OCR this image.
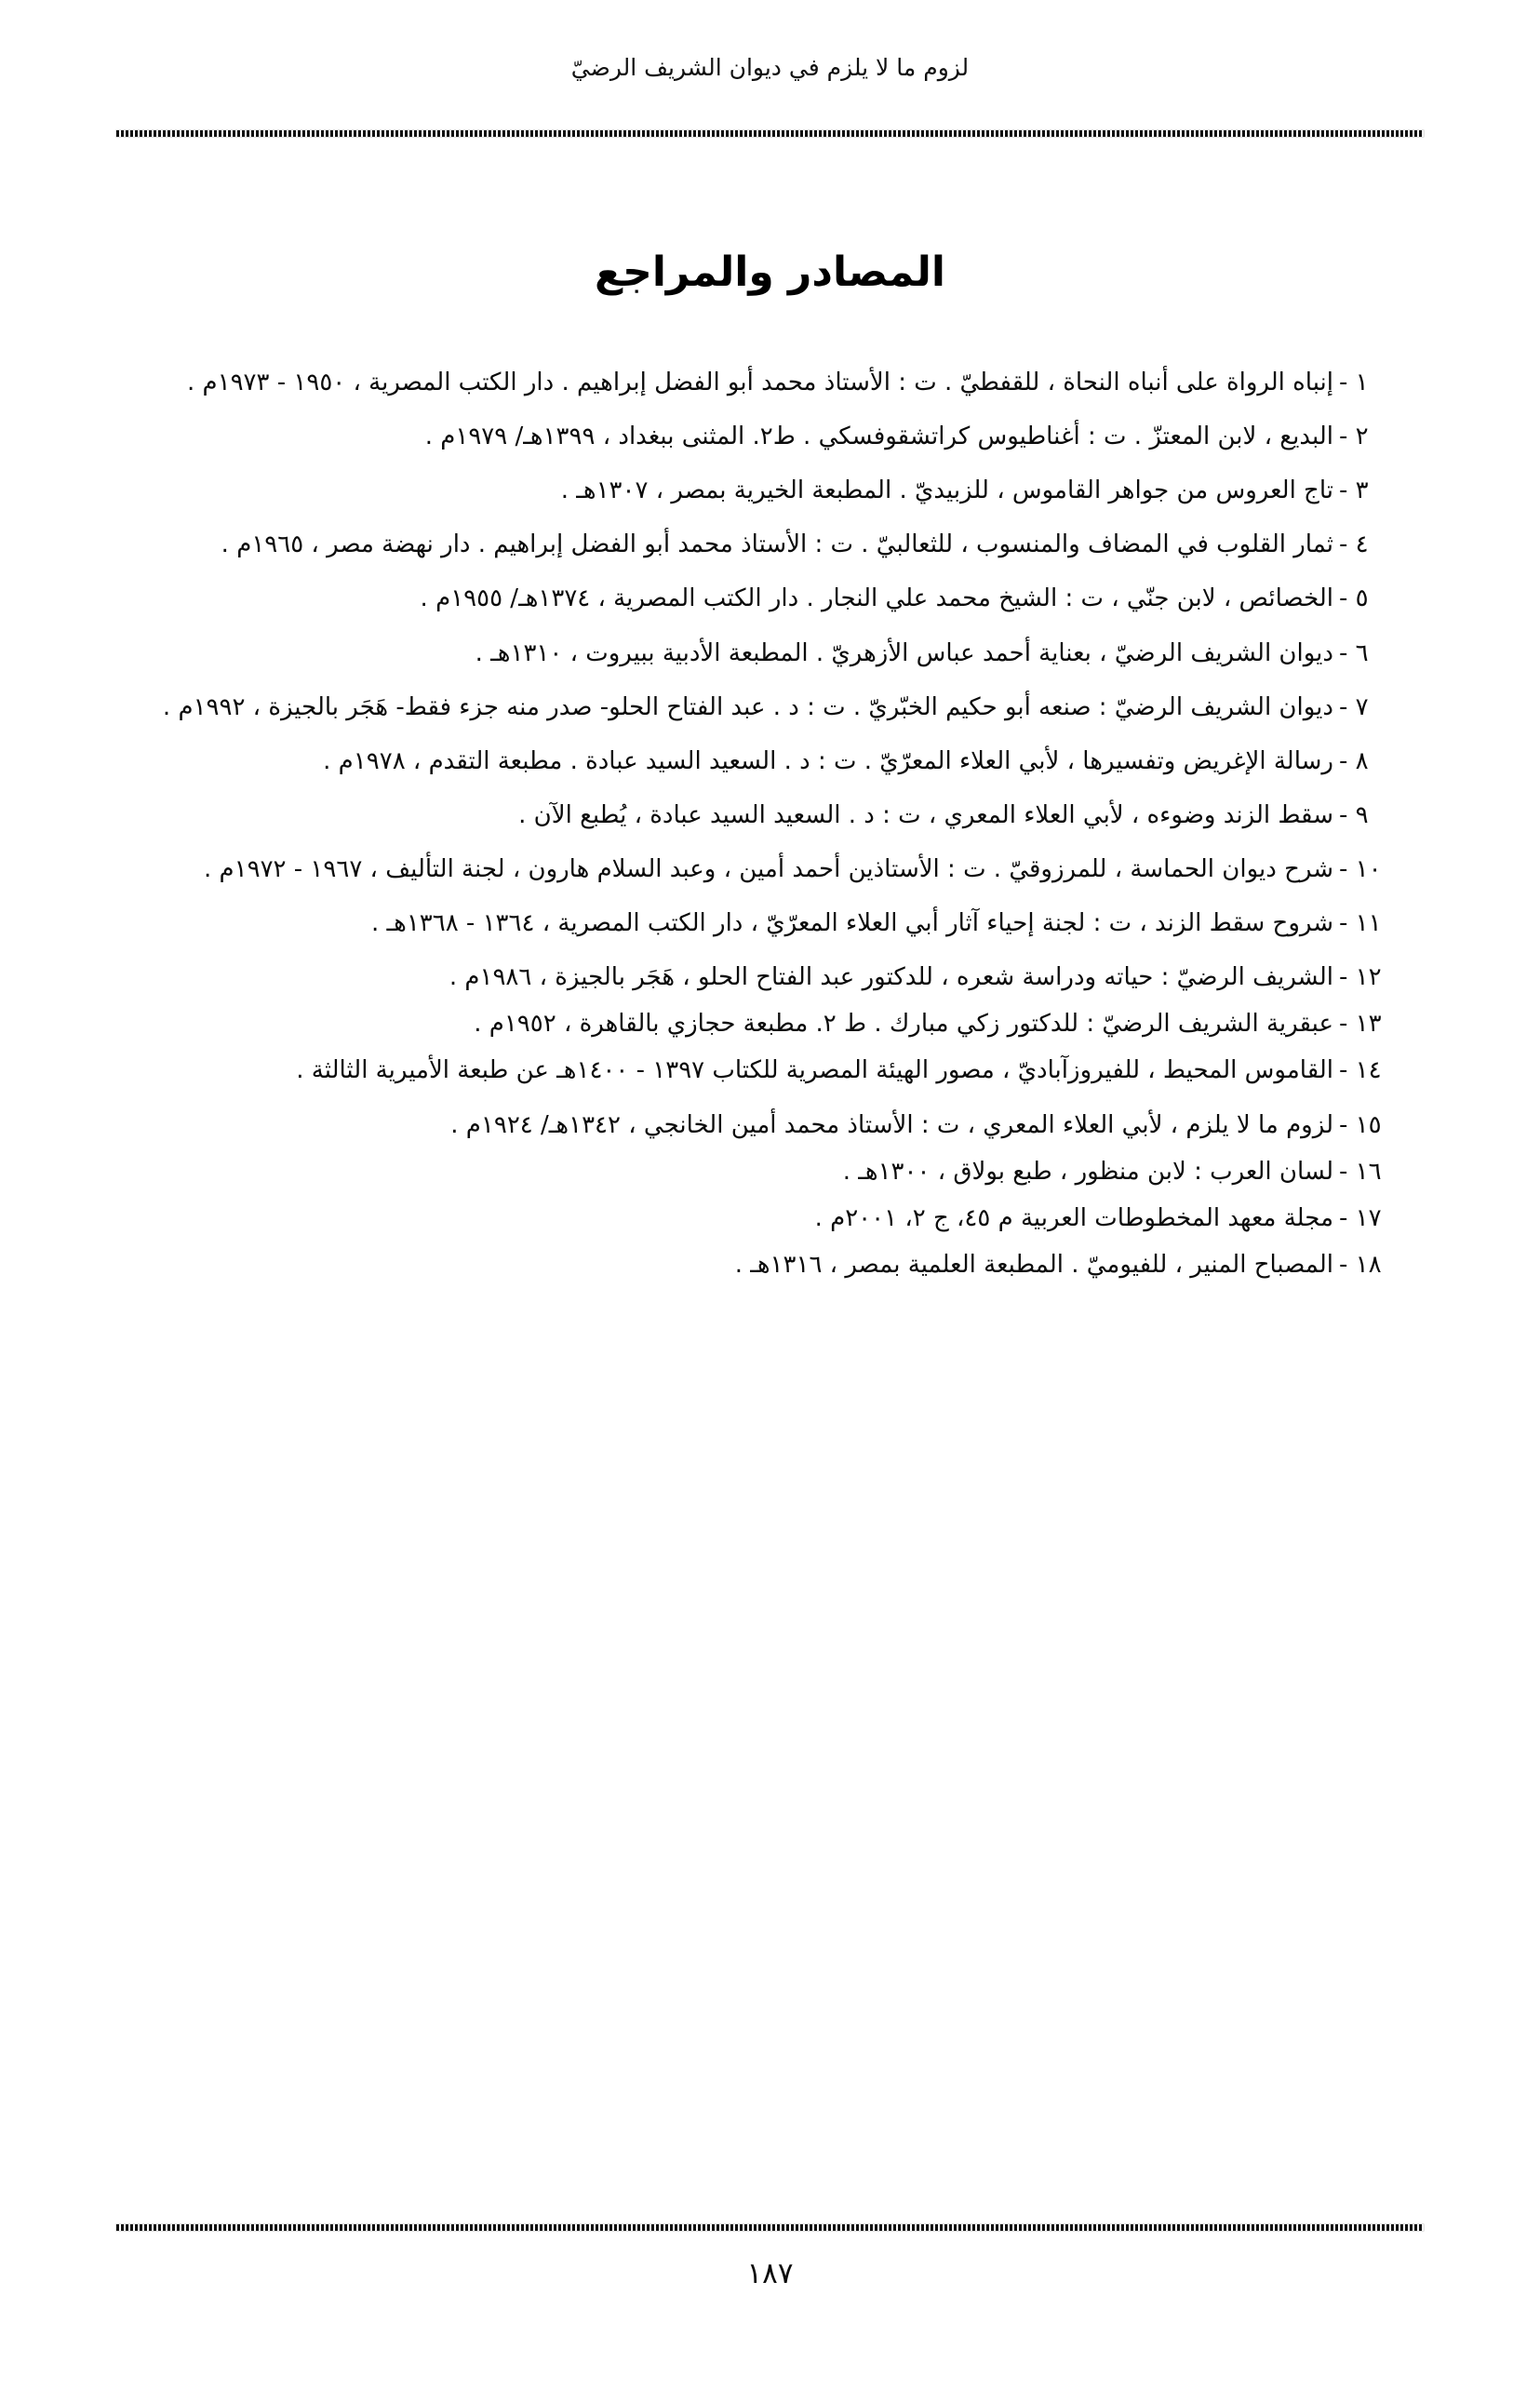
لزوم ما لا يلزم في ديوان الشريف الرضيّ
المصادر والمراجع
١ -
إنباه الرواة على أنباه النحاة ، للقفطيّ . ت : الأستاذ محمد أبو الفضل إبراهيم . دار الكتب المصرية ، ١٩٥٠ - ١٩٧٣م .
٢ -
البديع ، لابن المعتزّ . ت : أغناطيوس كراتشقوفسكي . ط٢. المثنى ببغداد ، ١٣٩٩هـ/ ١٩٧٩م .
٣ -
تاج العروس من جواهر القاموس ، للزبيديّ . المطبعة الخيرية بمصر ، ١٣٠٧هـ .
٤ -
ثمار القلوب في المضاف والمنسوب ، للثعالبيّ . ت : الأستاذ محمد أبو الفضل إبراهيم . دار نهضة مصر ، ١٩٦٥م .
٥ -
الخصائص ، لابن جنّي ، ت : الشيخ محمد علي النجار . دار الكتب المصرية ، ١٣٧٤هـ/ ١٩٥٥م .
٦ -
ديوان الشريف الرضيّ ، بعناية أحمد عباس الأزهريّ . المطبعة الأدبية ببيروت ، ١٣١٠هـ .
٧ -
ديوان الشريف الرضيّ : صنعه أبو حكيم الخبّريّ . ت : د . عبد الفتاح الحلو- صدر منه جزء فقط- هَجَر بالجيزة ، ١٩٩٢م .
٨ -
رسالة الإغريض وتفسيرها ، لأبي العلاء المعرّيّ . ت : د . السعيد السيد عبادة . مطبعة التقدم ، ١٩٧٨م .
٩ -
سقط الزند وضوءه ، لأبي العلاء المعري ، ت : د . السعيد السيد عبادة ، يُطبع الآن .
١٠ -
شرح ديوان الحماسة ، للمرزوقيّ . ت : الأستاذين أحمد أمين ، وعبد السلام هارون ، لجنة التأليف ، ١٩٦٧ - ١٩٧٢م .
١١ -
شروح سقط الزند ، ت : لجنة إحياء آثار أبي العلاء المعرّيّ ، دار الكتب المصرية ، ١٣٦٤ - ١٣٦٨هـ .
١٢ -
الشريف الرضيّ : حياته ودراسة شعره ، للدكتور عبد الفتاح الحلو ، هَجَر بالجيزة ، ١٩٨٦م .
١٣ -
عبقرية الشريف الرضيّ : للدكتور زكي مبارك . ط ٢. مطبعة حجازي بالقاهرة ، ١٩٥٢م .
١٤ -
القاموس المحيط ، للفيروزآباديّ ، مصور الهيئة المصرية للكتاب ١٣٩٧ - ١٤٠٠هـ عن طبعة الأميرية الثالثة .
١٥ -
لزوم ما لا يلزم ، لأبي العلاء المعري ، ت : الأستاذ محمد أمين الخانجي ، ١٣٤٢هـ/ ١٩٢٤م .
١٦ -
لسان العرب : لابن منظور ، طبع بولاق ، ١٣٠٠هـ .
١٧ -
مجلة معهد المخطوطات العربية م ٤٥، ج ٢، ٢٠٠١م .
١٨ -
المصباح المنير ، للفيوميّ . المطبعة العلمية بمصر ، ١٣١٦هـ .
١٨٧
